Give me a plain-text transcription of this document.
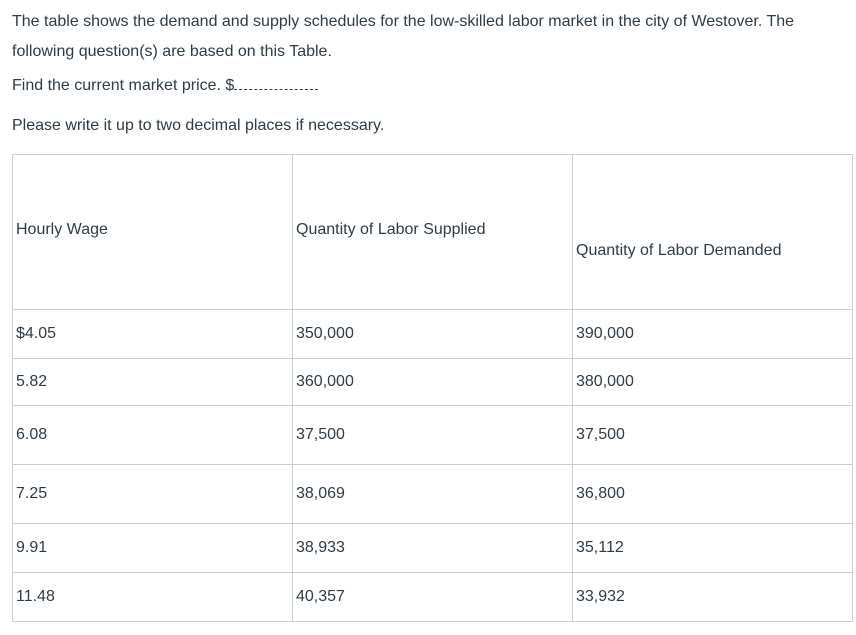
The table shows the demand and supply schedules for the low-skilled labor market in the city of Westover. The
following question(s) are based on this Table.
Find the current market price. $
Please write it up to two decimal places if necessary.
Hourly Wage	Quantity of Labor Supplied	Quantity of Labor Demanded
$4.05	350,000	390,000
5.82	360,000	380,000
6.08	37,500	37,500
7.25	38,069	36,800
9.91	38,933	35,112
11.48	40,357	33,932
